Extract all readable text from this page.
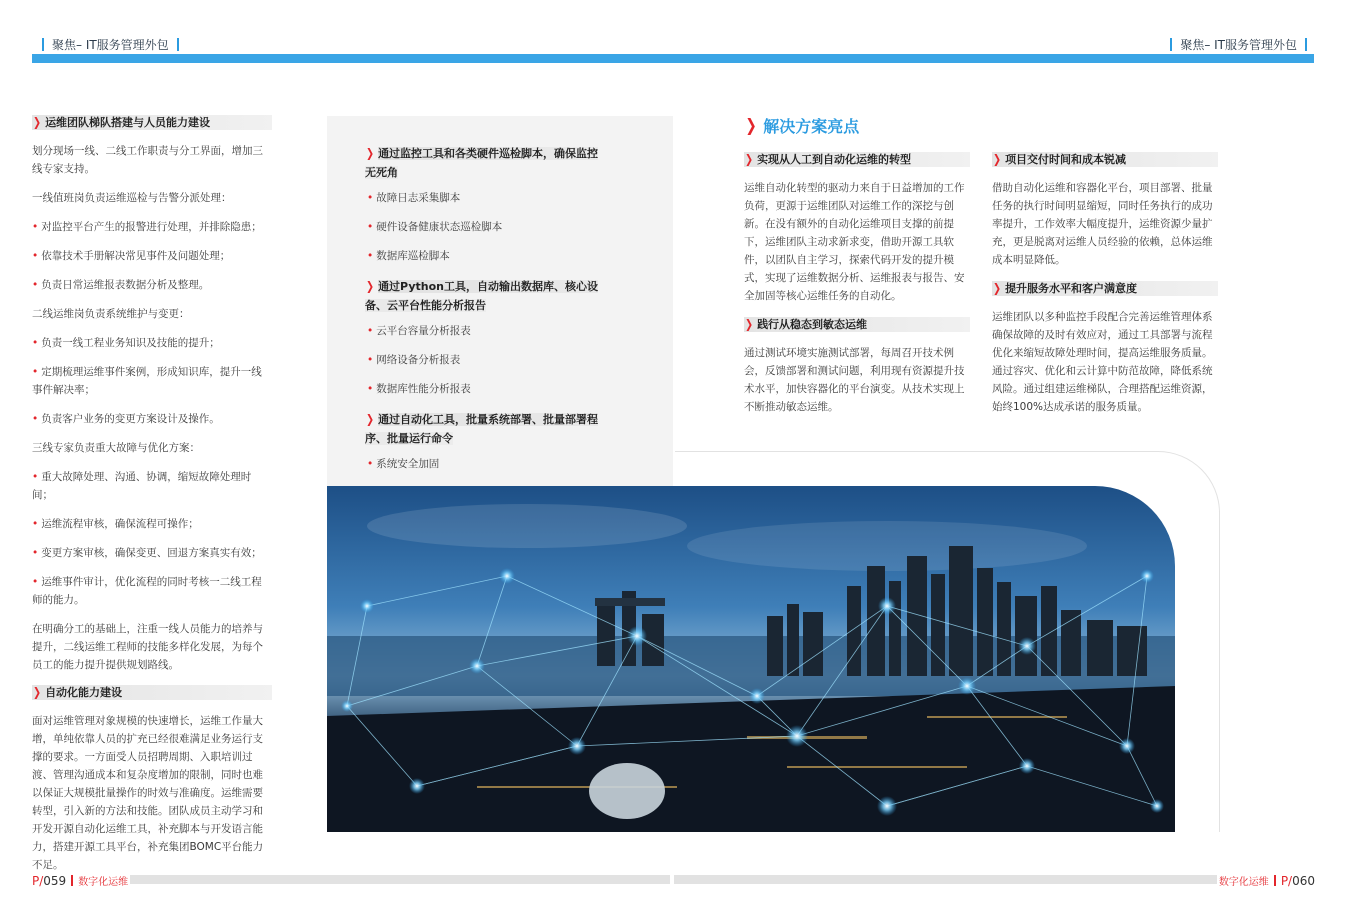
聚焦– IT服务管理外包	聚焦– IT服务管理外包
❯ 运维团队梯队搭建与人员能力建设

划分现场一线、二线工作职责与分工界面，增加三线专家支持。

一线值班岗负责运维巡检与告警分派处理：

• 对监控平台产生的报警进行处理，并排除隐患；

• 依靠技术手册解决常见事件及问题处理；

• 负责日常运维报表数据分析及整理。

二线运维岗负责系统维护与变更：

• 负责一线工程业务知识及技能的提升；

• 定期梳理运维事件案例，形成知识库，提升一线事件解决率；

• 负责客户业务的变更方案设计及操作。

三线专家负责重大故障与优化方案：

• 重大故障处理、沟通、协调，缩短故障处理时间；

• 运维流程审核，确保流程可操作；

• 变更方案审核，确保变更、回退方案真实有效；

• 运维事件审计，优化流程的同时考核一二线工程师的能力。

在明确分工的基础上，注重一线人员能力的培养与提升，二线运维工程师的技能多样化发展，为每个员工的能力提升提供规划路线。

❯ 自动化能力建设

面对运维管理对象规模的快速增长，运维工作量大增，单纯依靠人员的扩充已经很难满足业务运行支撑的要求。一方面受人员招聘周期、入职培训过渡、管理沟通成本和复杂度增加的限制，同时也难以保证大规模批量操作的时效与准确度。运维需要转型，引入新的方法和技能。团队成员主动学习和开发开源自动化运维工具，补充脚本与开发语言能力，搭建开源工具平台，补充集团BOMC平台能力不足。

❯ 通过监控工具和各类硬件巡检脚本，确保监控无死角
• 故障日志采集脚本
• 硬件设备健康状态巡检脚本
• 数据库巡检脚本
❯ 通过Python工具，自动输出数据库、核心设备、云平台性能分析报告
• 云平台容量分析报表
• 网络设备分析报表
• 数据库性能分析报表
❯ 通过自动化工具，批量系统部署、批量部署程序、批量运行命令
• 系统安全加固
•
•
❯ 解决方案亮点
❯ 实现从人工到自动化运维的转型

运维自动化转型的驱动力来自于日益增加的工作负荷，更源于运维团队对运维工作的深挖与创新。在没有额外的自动化运维项目支撑的前提下，运维团队主动求新求变，借助开源工具软件，以团队自主学习，探索代码开发的提升模式，实现了运维数据分析、运维报表与报告、安全加固等核心运维任务的自动化。

❯ 践行从稳态到敏态运维

通过测试环境实施测试部署，每周召开技术例会，反馈部署和测试问题，利用现有资源提升技术水平，加快容器化的平台演变。从技术实现上不断推动敏态运维。

❯ 项目交付时间和成本锐减

借助自动化运维和容器化平台，项目部署、批量任务的执行时间明显缩短，同时任务执行的成功率提升，工作效率大幅度提升，运维资源少量扩充，更是脱离对运维人员经验的依赖，总体运维成本明显降低。

❯ 提升服务水平和客户满意度

运维团队以多种监控手段配合完善运维管理体系确保故障的及时有效应对，通过工具部署与流程优化来缩短故障处理时间，提高运维服务质量。通过容灾、优化和云计算中防范故障，降低系统风险。通过组建运维梯队，合理搭配运维资源，始终100%达成承诺的服务质量。

P/059 数字化运维	数字化运维 P/060
